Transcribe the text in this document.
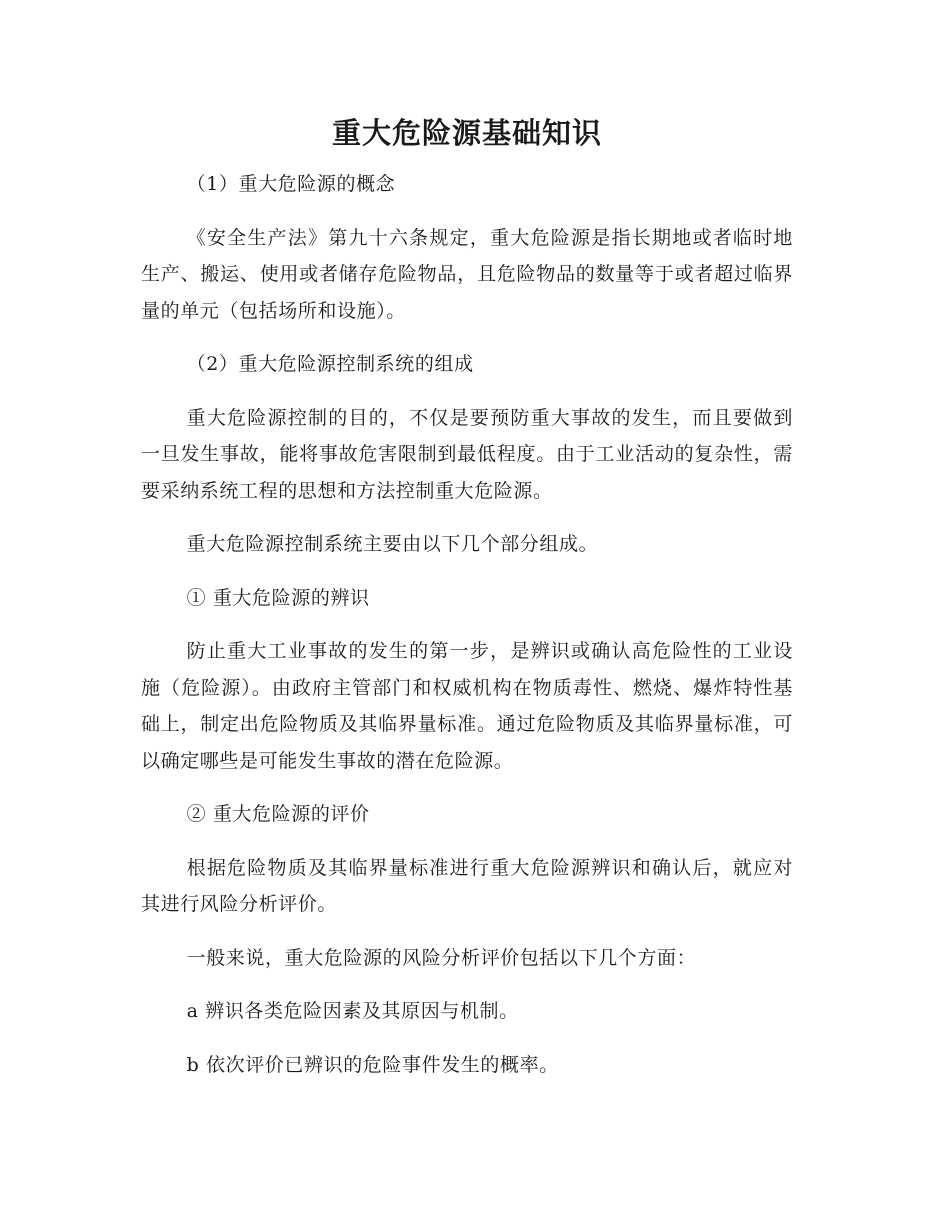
重大危险源基础知识

（1）重大危险源的概念

《安全生产法》第九十六条规定，重大危险源是指长期地或者临时地生产、搬运、使用或者储存危险物品，且危险物品的数量等于或者超过临界量的单元（包括场所和设施）。

（2）重大危险源控制系统的组成

重大危险源控制的目的，不仅是要预防重大事故的发生，而且要做到一旦发生事故，能将事故危害限制到最低程度。由于工业活动的复杂性，需要采纳系统工程的思想和方法控制重大危险源。

重大危险源控制系统主要由以下几个部分组成。

① 重大危险源的辨识

防止重大工业事故的发生的第一步，是辨识或确认高危险性的工业设施（危险源）。由政府主管部门和权威机构在物质毒性、燃烧、爆炸特性基础上，制定出危险物质及其临界量标准。通过危险物质及其临界量标准，可以确定哪些是可能发生事故的潜在危险源。

② 重大危险源的评价

根据危险物质及其临界量标准进行重大危险源辨识和确认后，就应对其进行风险分析评价。

一般来说，重大危险源的风险分析评价包括以下几个方面：

a 辨识各类危险因素及其原因与机制。

b 依次评价已辨识的危险事件发生的概率。
